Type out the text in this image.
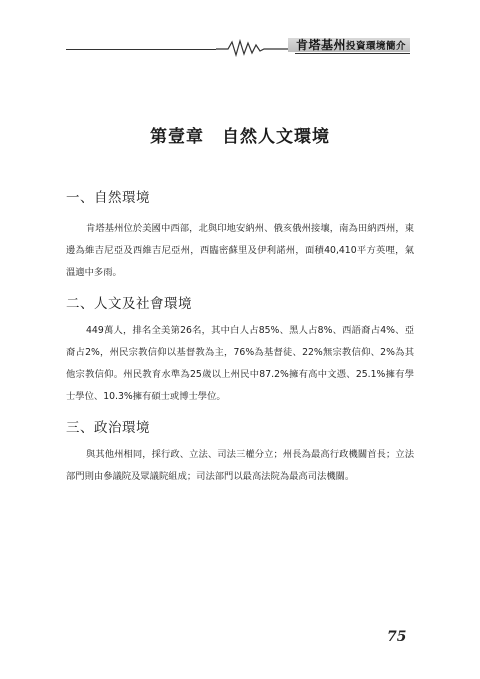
肯塔基州投資環境簡介
第壹章　自然人文環境
一、自然環境
肯塔基州位於美國中西部，北與印地安納州、俄亥俄州接壤，南為田納西州，東邊為維吉尼亞及西維吉尼亞州，西臨密蘇里及伊利諾州，面積40,410平方英哩，氣溫適中多雨。
二、人文及社會環境
449萬人，排名全美第26名，其中白人占85%、黑人占8%、西語裔占4%、亞裔占2%，州民宗教信仰以基督教為主，76%為基督徒、22%無宗教信仰、2%為其他宗教信仰。州民教育水準為25歲以上州民中87.2%擁有高中文憑、25.1%擁有學士學位、10.3%擁有碩士或博士學位。
三、政治環境
與其他州相同，採行政、立法、司法三權分立；州長為最高行政機關首長；立法部門則由參議院及眾議院組成；司法部門以最高法院為最高司法機關。
75
